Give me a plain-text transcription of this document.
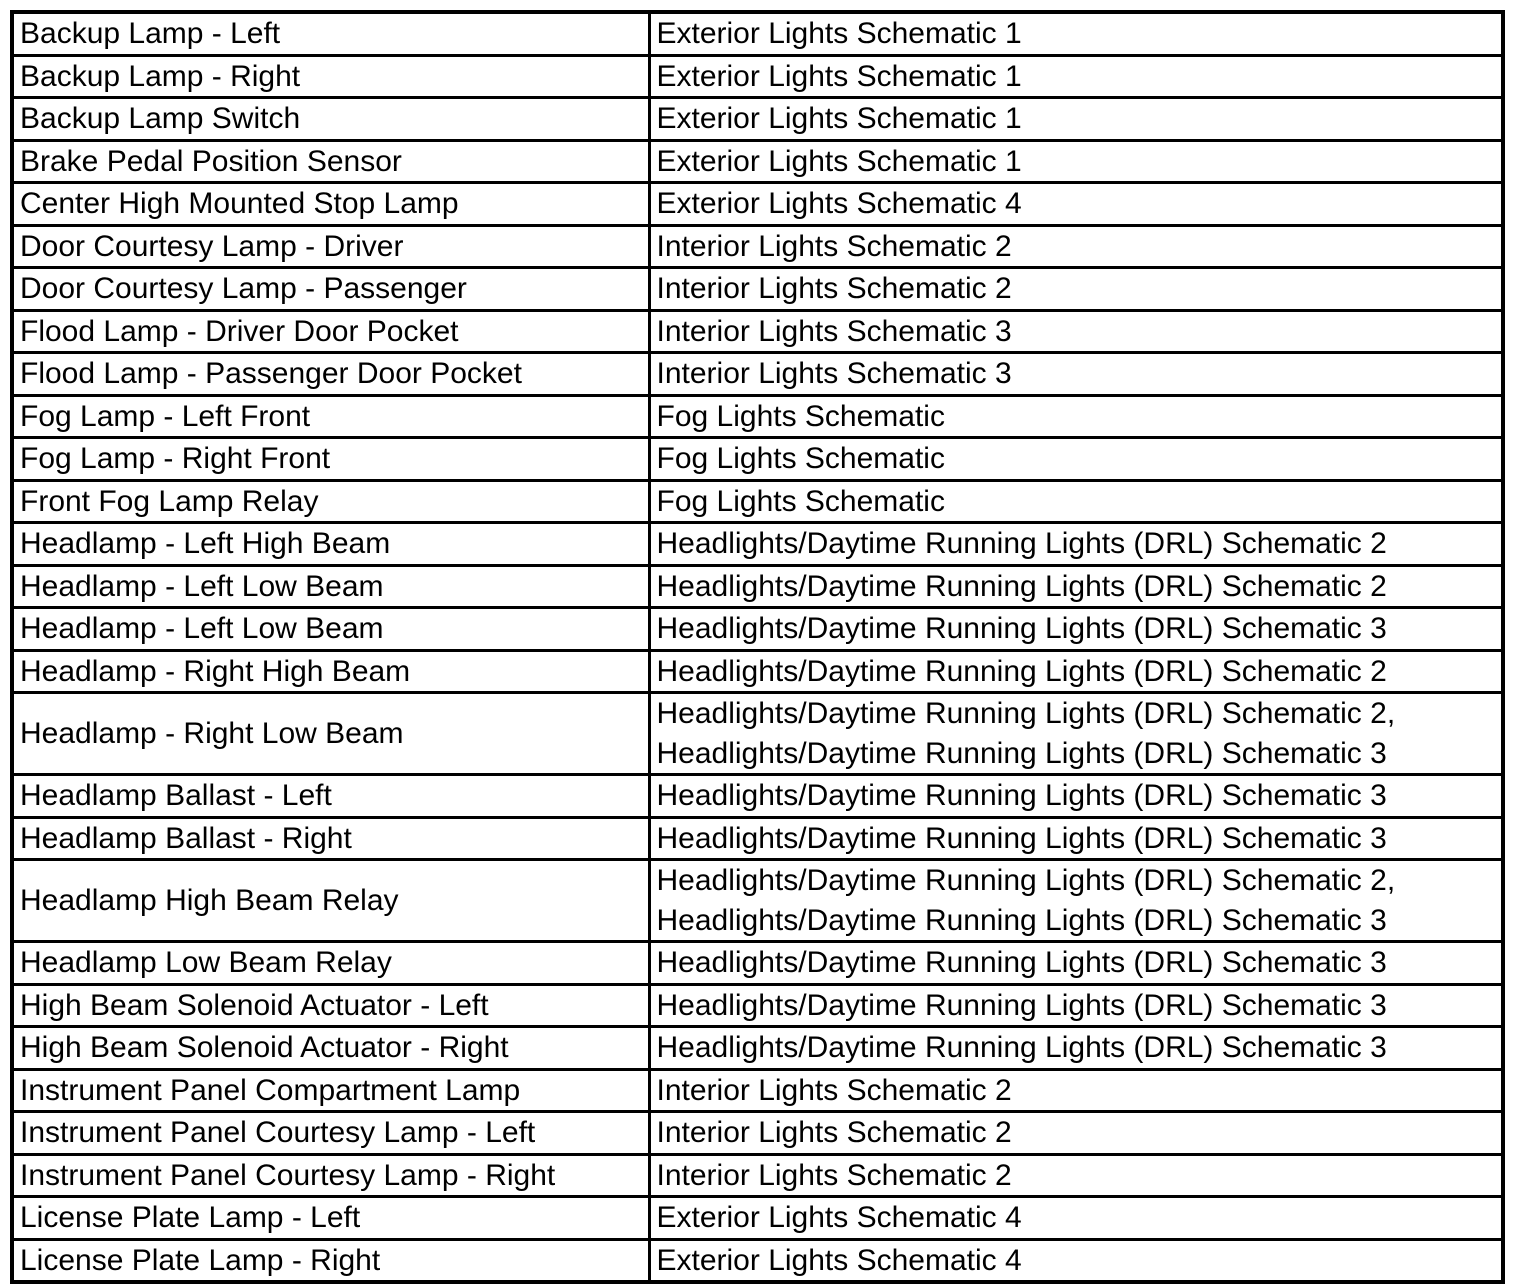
Backup Lamp - Left	Exterior Lights Schematic 1

Backup Lamp - Right	Exterior Lights Schematic 1

Backup Lamp Switch	Exterior Lights Schematic 1

Brake Pedal Position Sensor	Exterior Lights Schematic 1

Center High Mounted Stop Lamp	Exterior Lights Schematic 4

Door Courtesy Lamp - Driver	Interior Lights Schematic 2

Door Courtesy Lamp - Passenger	Interior Lights Schematic 2

Flood Lamp - Driver Door Pocket	Interior Lights Schematic 3

Flood Lamp - Passenger Door Pocket	Interior Lights Schematic 3

Fog Lamp - Left Front	Fog Lights Schematic

Fog Lamp - Right Front	Fog Lights Schematic

Front Fog Lamp Relay	Fog Lights Schematic

Headlamp - Left High Beam	Headlights/Daytime Running Lights (DRL) Schematic 2

Headlamp - Left Low Beam	Headlights/Daytime Running Lights (DRL) Schematic 2

Headlamp - Left Low Beam	Headlights/Daytime Running Lights (DRL) Schematic 3

Headlamp - Right High Beam	Headlights/Daytime Running Lights (DRL) Schematic 2

Headlamp - Right Low Beam	Headlights/Daytime Running Lights (DRL) Schematic 2,
Headlights/Daytime Running Lights (DRL) Schematic 3

Headlamp Ballast - Left	Headlights/Daytime Running Lights (DRL) Schematic 3

Headlamp Ballast - Right	Headlights/Daytime Running Lights (DRL) Schematic 3

Headlamp High Beam Relay	Headlights/Daytime Running Lights (DRL) Schematic 2,
Headlights/Daytime Running Lights (DRL) Schematic 3

Headlamp Low Beam Relay	Headlights/Daytime Running Lights (DRL) Schematic 3

High Beam Solenoid Actuator - Left	Headlights/Daytime Running Lights (DRL) Schematic 3

High Beam Solenoid Actuator - Right	Headlights/Daytime Running Lights (DRL) Schematic 3

Instrument Panel Compartment Lamp	Interior Lights Schematic 2

Instrument Panel Courtesy Lamp - Left	Interior Lights Schematic 2

Instrument Panel Courtesy Lamp - Right	Interior Lights Schematic 2

License Plate Lamp - Left	Exterior Lights Schematic 4

License Plate Lamp - Right	Exterior Lights Schematic 4
